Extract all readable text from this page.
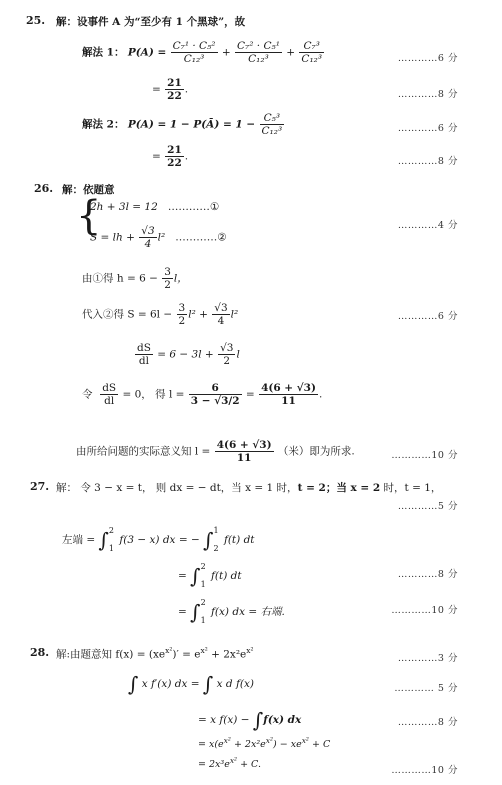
25. 解：设事件 A 为“至少有 1 个黑球”，故
解法 1： $P(A) = \frac{\text{C₇¹ · C₅²}}{\text{C₁₂³}} + \frac{\text{C₇² · C₅¹}}{\text{C₁₂³}} + \frac{\text{C₇³}}{\text{C₁₂³}}$	…………6 分
= $\frac{21}{22}$ .	…………8 分
解法 2： P(A) = 1 − P(Ā) = $1 - \frac{\text{C₅³}}{\text{C₁₂³}}$	…………6 分
= $\frac{21}{22}$ .	…………8 分
26. 解：依题意
{
2h + 3l = 12 …………①
S = lh + $\frac{√3}{4} l^2$ …………②
…………4 分
由①得 $h = 6 - \frac{3}{2}$ l，
代入②得 $S = 6l - \frac{3}{2} l^2 + \frac{√3}{4} l^2$	…………6 分
$\frac{dS}{dl} = 6 - 3l + \frac{√3}{2}$ l
令 $\frac{dS}{dl} = 0$， 得 $l = \frac{6}{3 - √3/2} = \frac{4(6 + √3)}{11}$ .
由所给问题的实际意义知 $l = \frac{4(6 + √3)}{11}$ （米）即为所求.	…………10 分
27. 解： 令 3 − x = t， 则 dx = − dt，当 x = 1 时，t = 2；当 x = 2 时，t = 1，
…………5 分
左端 = ∫ 2
1
f(3 − x) dx = − ∫ 1
2
f(t) dt
= ∫ 2
1
f(t) dt	…………8 分
= ∫ 2
1
f(x) dx = 右端.	…………10 分
28. 解:由题意知 $f(x) = (xe^{x^2})' = e^{x^2} + 2x^2e^{x^2}$
…………3 分
∫ x f′(x) dx = ∫ x d f(x)	………… 5 分
= x f(x) − ∫f(x) dx	…………8 分
= $x(e^{x^2} + 2x^2e^{x^2}) - xe^{x^2} + C$
= $2x^3e^{x^2} + C$.
…………10 分
